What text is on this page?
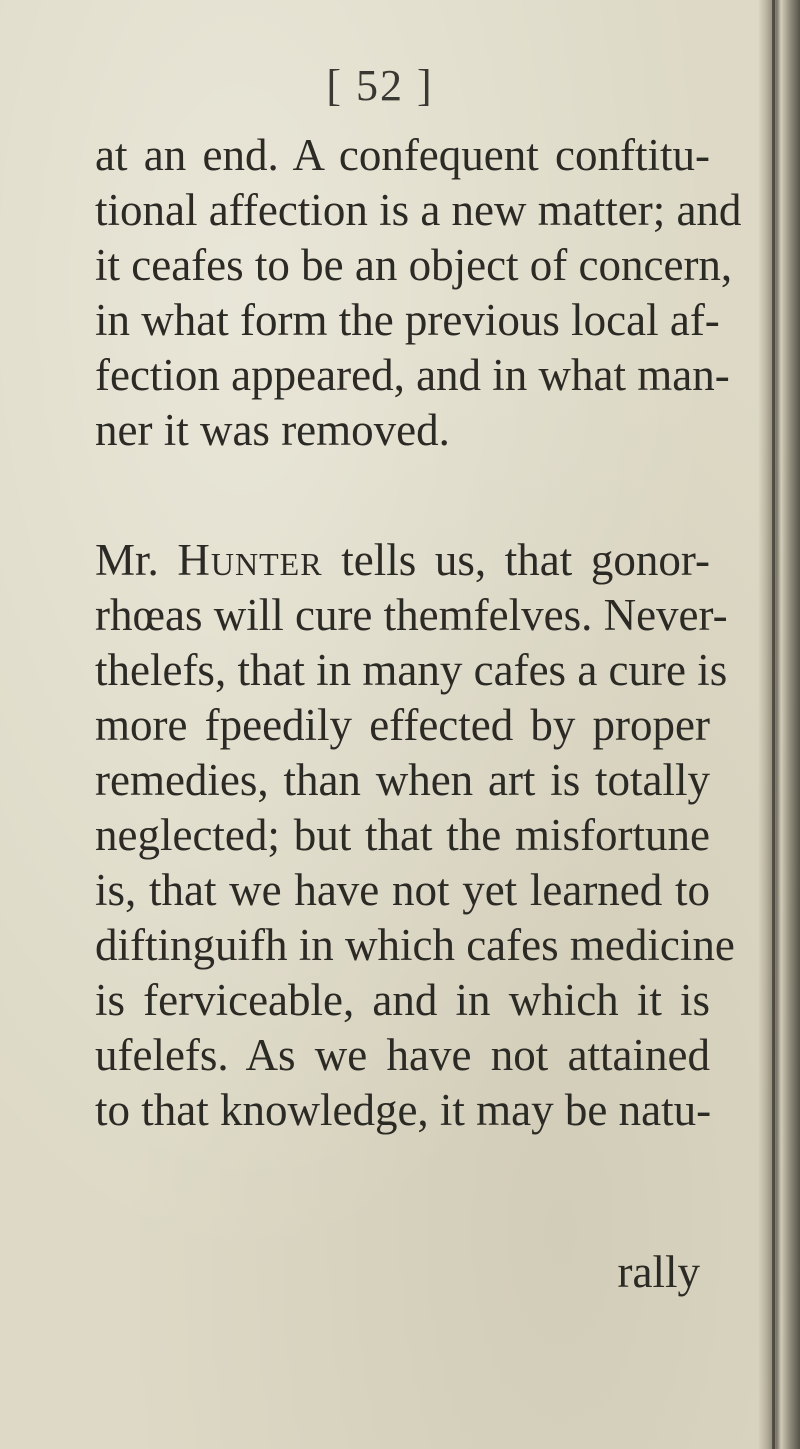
[ 52 ]
at an end. A confequent conftitu-
tional affection is a new matter; and
it ceafes to be an object of concern,
in what form the previous local af-
fection appeared, and in what man-
ner it was removed.
Mr. Hunter tells us, that gonor-
rhœas will cure themfelves. Never-
thelefs, that in many cafes a cure is
more fpeedily effected by proper
remedies, than when art is totally
neglected; but that the misfortune
is, that we have not yet learned to
diftinguifh in which cafes medicine
is ferviceable, and in which it is
ufelefs. As we have not attained
to that knowledge, it may be natu-
rally
